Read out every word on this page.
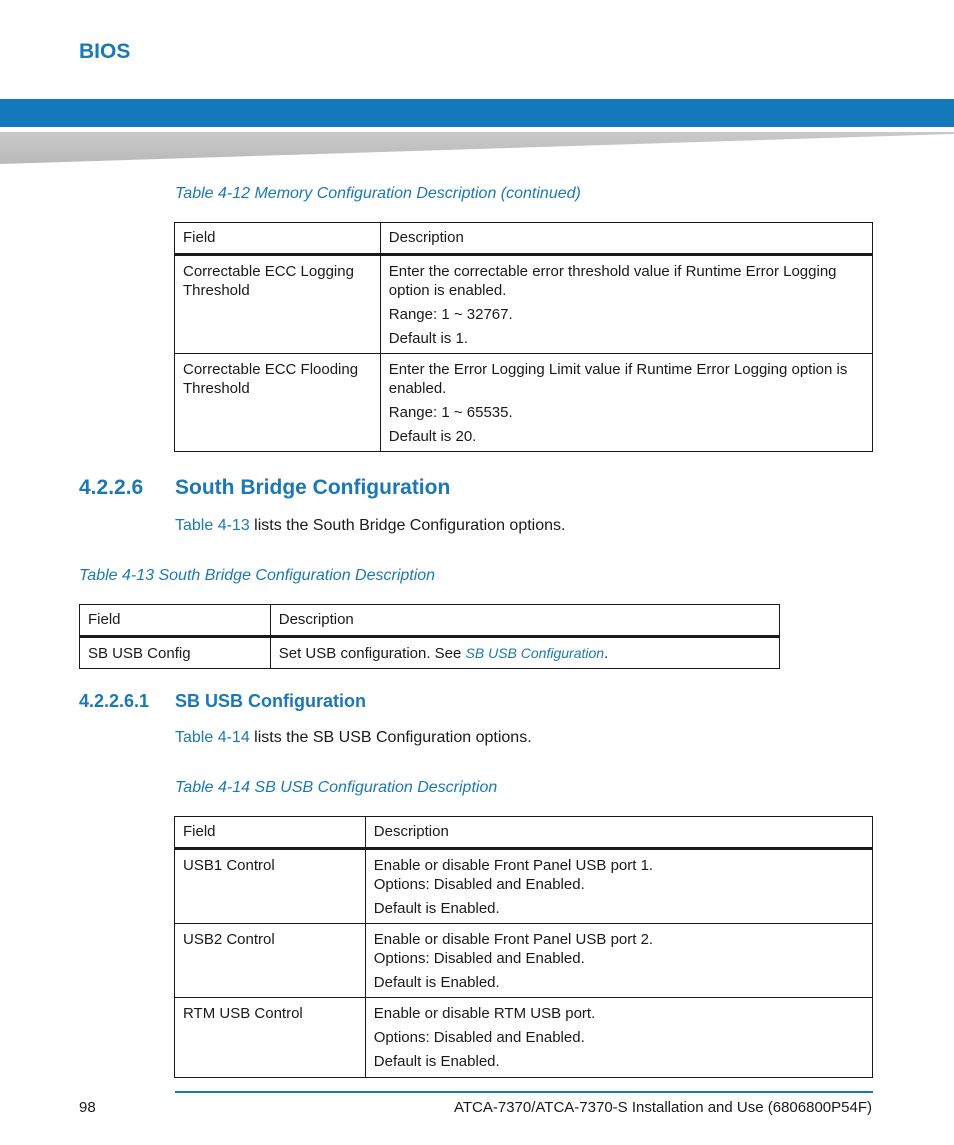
BIOS
Table 4-12 Memory Configuration Description (continued)
Field	Description
Correctable ECC Logging Threshold	Enter the correctable error threshold value if Runtime Error Logging option is enabled.

Range: 1 ~ 32767.

Default is 1.

Correctable ECC Flooding Threshold	Enter the Error Logging Limit value if Runtime Error Logging option is enabled.

Range: 1 ~ 65535.

Default is 20.

4.2.2.6 South Bridge Configuration
Table 4-13 lists the South Bridge Configuration options.
Table 4-13 South Bridge Configuration Description
Field	Description
SB USB Config	Set USB configuration. See SB USB Configuration.
4.2.2.6.1 SB USB Configuration
Table 4-14 lists the SB USB Configuration options.
Table 4-14 SB USB Configuration Description
Field	Description
USB1 Control	Enable or disable Front Panel USB port 1.

Options: Disabled and Enabled.

Default is Enabled.

USB2 Control	Enable or disable Front Panel USB port 2.

Options: Disabled and Enabled.

Default is Enabled.

RTM USB Control	Enable or disable RTM USB port.

Options: Disabled and Enabled.

Default is Enabled.

98	ATCA-7370/ATCA-7370-S Installation and Use (6806800P54F)
